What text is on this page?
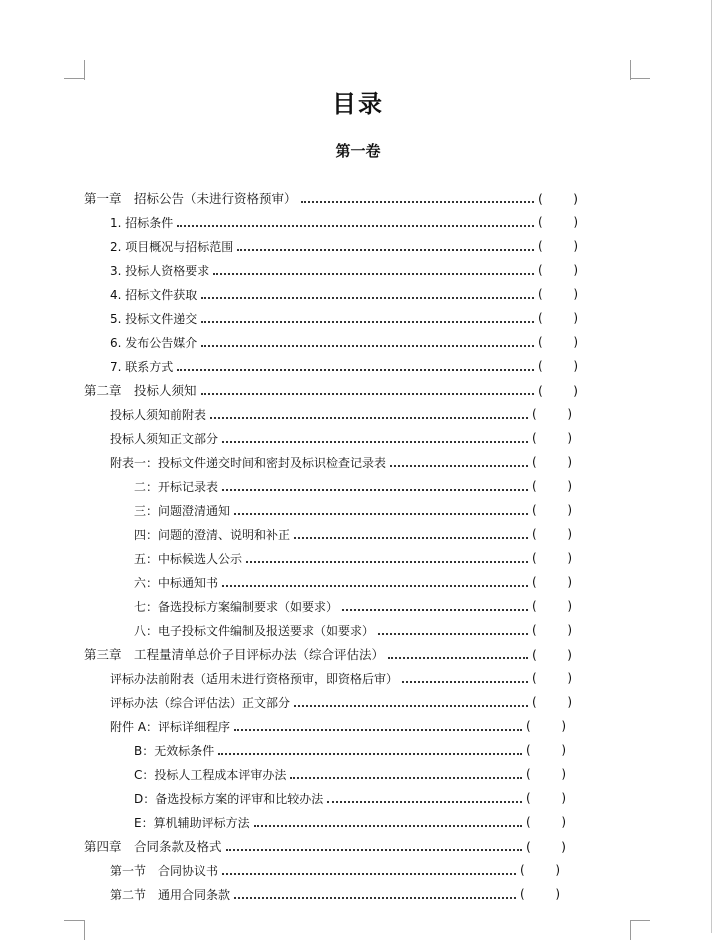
目录
第一卷
第一章　招标公告（未进行资格预审）	( )
1. 招标条件	(	)
2. 项目概况与招标范围	(	)
3. 投标人资格要求	(	)
4. 招标文件获取	(	)
5. 投标文件递交	(	)
6. 发布公告媒介	(	)
7. 联系方式	(	)
第二章　投标人须知	( )
投标人须知前附表	(	)
投标人须知正文部分	(	)
附表一：投标文件递交时间和密封及标识检查记录表	(	)
二：开标记录表	(	)
三：问题澄清通知	(	)
四：问题的澄清、说明和补正	(	)
五：中标候选人公示	(	)
六：中标通知书	(	)
七：备选投标方案编制要求（如要求）	(	)
八：电子投标文件编制及报送要求（如要求）	(	)
第三章　工程量清单总价子目评标办法（综合评估法）	( )
评标办法前附表（适用未进行资格预审，即资格后审）	(	)
评标办法（综合评估法）正文部分	(	)
附件 A：评标详细程序	(	)
B：无效标条件	(	)
C：投标人工程成本评审办法	(	)
D：备选投标方案的评审和比较办法	(	)
E：算机辅助评标方法	(	)
第四章　合同条款及格式	( )
第一节　合同协议书	(	)
第二节　通用合同条款	(	)
